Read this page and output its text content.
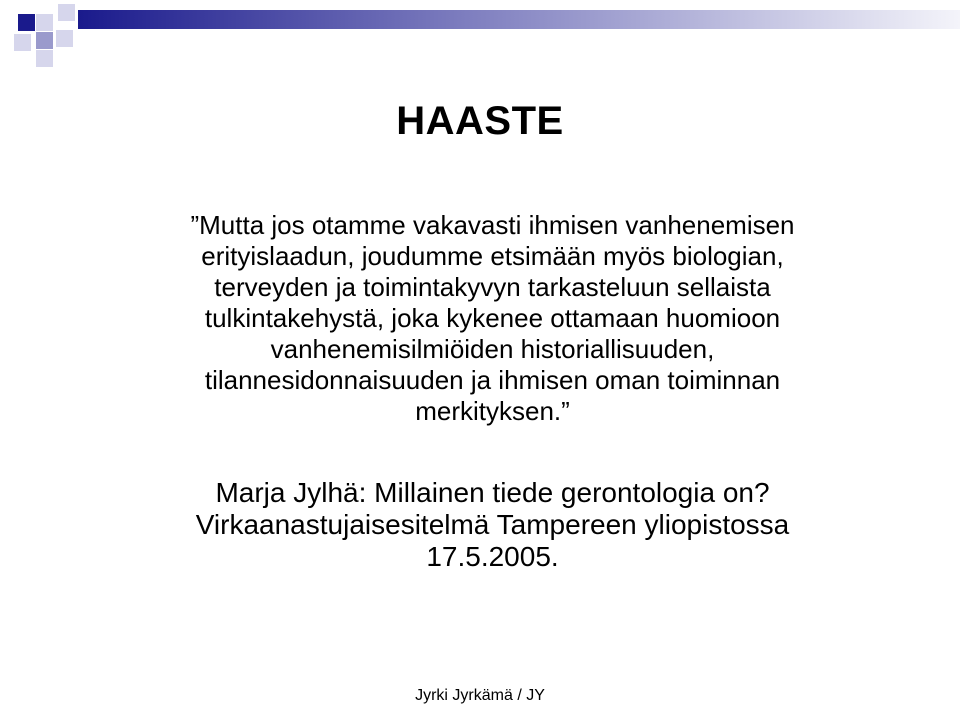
HAASTE
”Mutta jos otamme vakavasti ihmisen vanhenemisen
erityislaadun, joudumme etsimään myös biologian,
terveyden ja toimintakyvyn tarkasteluun sellaista
tulkintakehystä, joka kykenee ottamaan huomioon
vanhenemisilmiöiden historiallisuuden,
tilannesidonnaisuuden ja ihmisen oman toiminnan
merkityksen.”
Marja Jylhä: Millainen tiede gerontologia on?
Virkaanastujaisesitelmä Tampereen yliopistossa
17.5.2005.
Jyrki Jyrkämä / JY
